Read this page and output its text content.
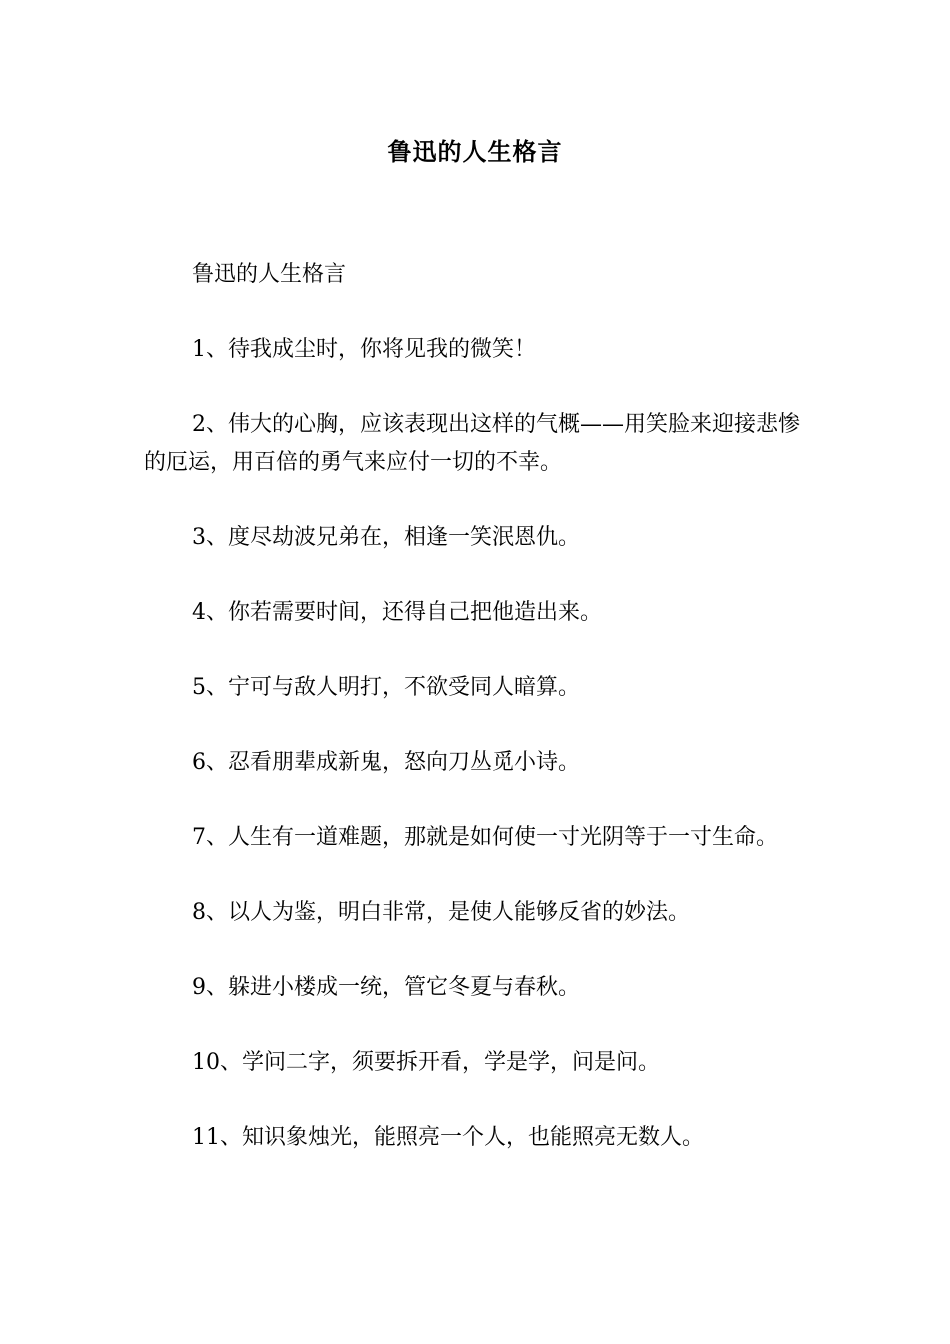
鲁迅的人生格言

鲁迅的人生格言

1、待我成尘时，你将见我的微笑！

2、伟大的心胸，应该表现出这样的气概——用笑脸来迎接悲惨的厄运，用百倍的勇气来应付一切的不幸。

3、度尽劫波兄弟在，相逢一笑泯恩仇。

4、你若需要时间，还得自己把他造出来。

5、宁可与敌人明打，不欲受同人暗算。

6、忍看朋辈成新鬼，怒向刀丛觅小诗。

7、人生有一道难题，那就是如何使一寸光阴等于一寸生命。

8、以人为鉴，明白非常，是使人能够反省的妙法。

9、躲进小楼成一统，管它冬夏与春秋。

10、学问二字，须要拆开看，学是学，问是问。

11、知识象烛光，能照亮一个人，也能照亮无数人。
